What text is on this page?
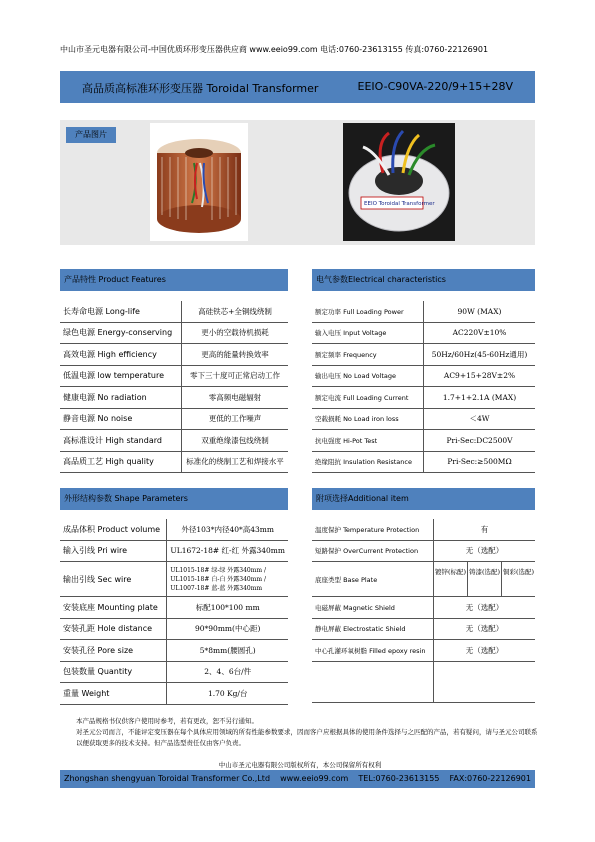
中山市圣元电器有限公司-中国优质环形变压器供应商 www.eeio99.com 电话:0760-23613155 传真:0760-22126901
高品质高标准环形变压器 Toroidal Transformer	EEIO-C90VA-220/9+15+28V
产品图片
EEIO Toroidal Transformer
产品特性 Product Features
长寿命电源 Long-life	高硅铁芯+全铜线绕制
绿色电源 Energy-conserving	更小的空载待机损耗
高效电源 High efficiency	更高的能量转换效率
低温电源 low temperature	零下三十度可正常启动工作
健康电源 No radiation	零高频电磁辐射
静音电源 No noise	更低的工作噪声
高标准设计 High standard	双重绝缘漆包线绕制
高品质工艺 High quality	标准化的绕制工艺和焊接水平
电气参数Electrical characteristics
额定功率 Full Loading Power	90W (MAX)
输入电压 Input Voltage	AC220V±10%
额定频率 Frequency	50Hz/60Hz(45-60Hz通用)
输出电压 No Load Voltage	AC9+15+28V±2%
额定电流 Full Loading Current	1.7+1+2.1A (MAX)
空载损耗 No Load iron loss	＜4W
抗电强度 Hi-Pot Test	Pri-Sec:DC2500V
绝缘阻抗 Insulation Resistance	Pri-Sec:≥500MΩ
外形结构参数 Shape Parameters
成品体积 Product volume	外径103*内径40*高43mm
输入引线 Pri wire	UL1672-18# 红-红 外露340mm
输出引线 Sec wire	UL1015-18# 绿-绿 外露340mm / UL1015-18# 白-白 外露340mm / UL1007-18# 蓝-蓝 外露340mm
安装底座 Mounting plate	标配100*100 mm
安装孔距 Hole distance	90*90mm(中心距)
安装孔径 Pore size	5*8mm(腰圆孔)
包装数量 Quantity	2、4、6台/件
重量 Weight	1.70 Kg/台
附项选择Additional item
温度保护 Temperature Protection	有
短路保护 OverCurrent Protection	无（选配）
底座类型 Base Plate	镀锌(标配) 铸漆(选配) 铜彩(选配)

电磁屏蔽 Magnetic Shield	无（选配）
静电屏蔽 Electrostatic Shield	无（选配）
中心孔灌环氧树脂 Filled epoxy resin	无（选配）

本产品规格书仅供客户使用时参考，若有更改，恕不另行通知。
对圣元公司而言，不能评定变压器在每个具体应用领域的所有性能参数要求，因而客户应根据具体的使用条件选择与之匹配的产品，若有疑问，请与圣元公司联系以便获取更多的技术支持。但产品选型责任仅由客户负责。
中山市圣元电器有限公司版权所有，本公司保留所有权利
Zhongshan shengyuan Toroidal Transformer Co.,Ltd www.eeio99.com TEL:0760-23613155 FAX:0760-22126901
